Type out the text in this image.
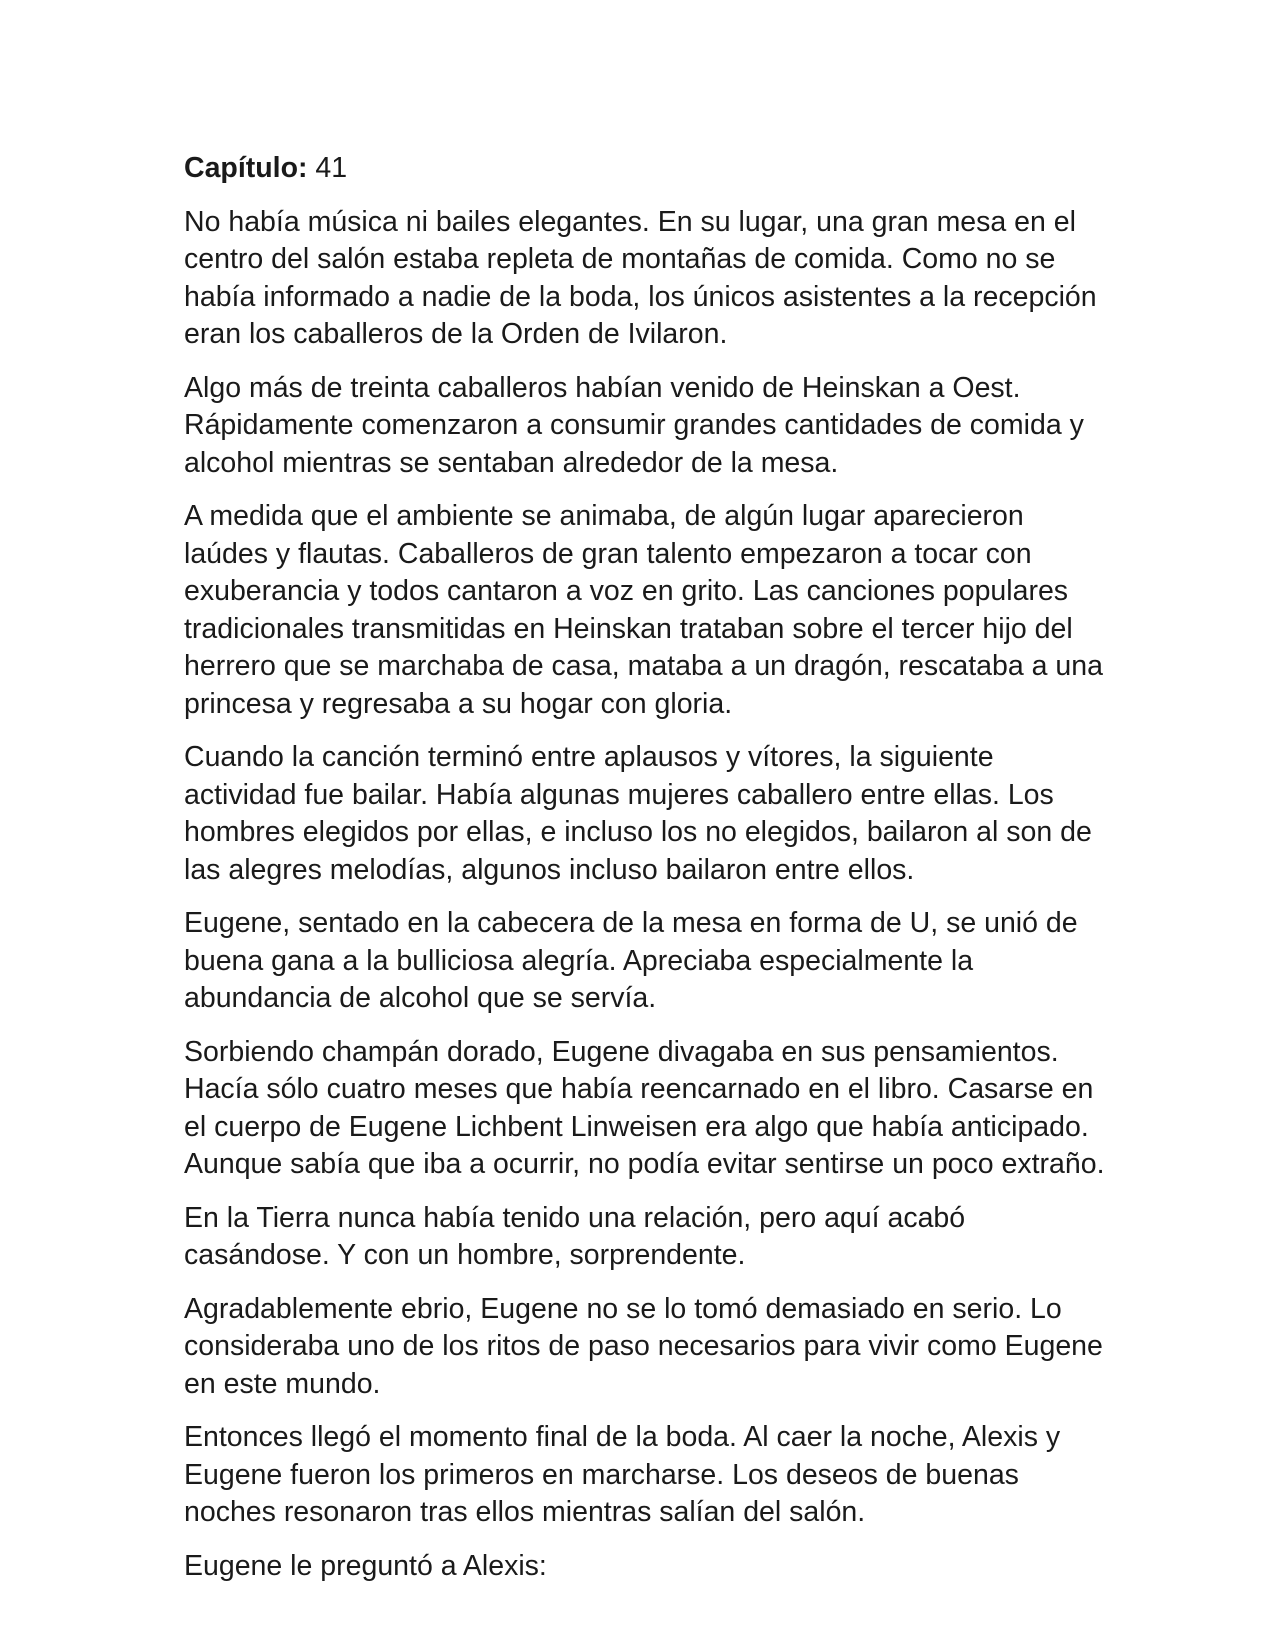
Capítulo: 41

No había música ni bailes elegantes. En su lugar, una gran mesa en el centro del salón estaba repleta de montañas de comida. Como no se había informado a nadie de la boda, los únicos asistentes a la recepción eran los caballeros de la Orden de Ivilaron.

Algo más de treinta caballeros habían venido de Heinskan a Oest. Rápidamente comenzaron a consumir grandes cantidades de comida y alcohol mientras se sentaban alrededor de la mesa.

A medida que el ambiente se animaba, de algún lugar aparecieron laúdes y flautas. Caballeros de gran talento empezaron a tocar con exuberancia y todos cantaron a voz en grito. Las canciones populares tradicionales transmitidas en Heinskan trataban sobre el tercer hijo del herrero que se marchaba de casa, mataba a un dragón, rescataba a una princesa y regresaba a su hogar con gloria.

Cuando la canción terminó entre aplausos y vítores, la siguiente actividad fue bailar. Había algunas mujeres caballero entre ellas. Los hombres elegidos por ellas, e incluso los no elegidos, bailaron al son de las alegres melodías, algunos incluso bailaron entre ellos.

Eugene, sentado en la cabecera de la mesa en forma de U, se unió de buena gana a la bulliciosa alegría. Apreciaba especialmente la abundancia de alcohol que se servía.

Sorbiendo champán dorado, Eugene divagaba en sus pensamientos. Hacía sólo cuatro meses que había reencarnado en el libro. Casarse en el cuerpo de Eugene Lichbent Linweisen era algo que había anticipado. Aunque sabía que iba a ocurrir, no podía evitar sentirse un poco extraño.

En la Tierra nunca había tenido una relación, pero aquí acabó casándose. Y con un hombre, sorprendente.

Agradablemente ebrio, Eugene no se lo tomó demasiado en serio. Lo consideraba uno de los ritos de paso necesarios para vivir como Eugene en este mundo.

Entonces llegó el momento final de la boda. Al caer la noche, Alexis y Eugene fueron los primeros en marcharse. Los deseos de buenas noches resonaron tras ellos mientras salían del salón.

Eugene le preguntó a Alexis:
